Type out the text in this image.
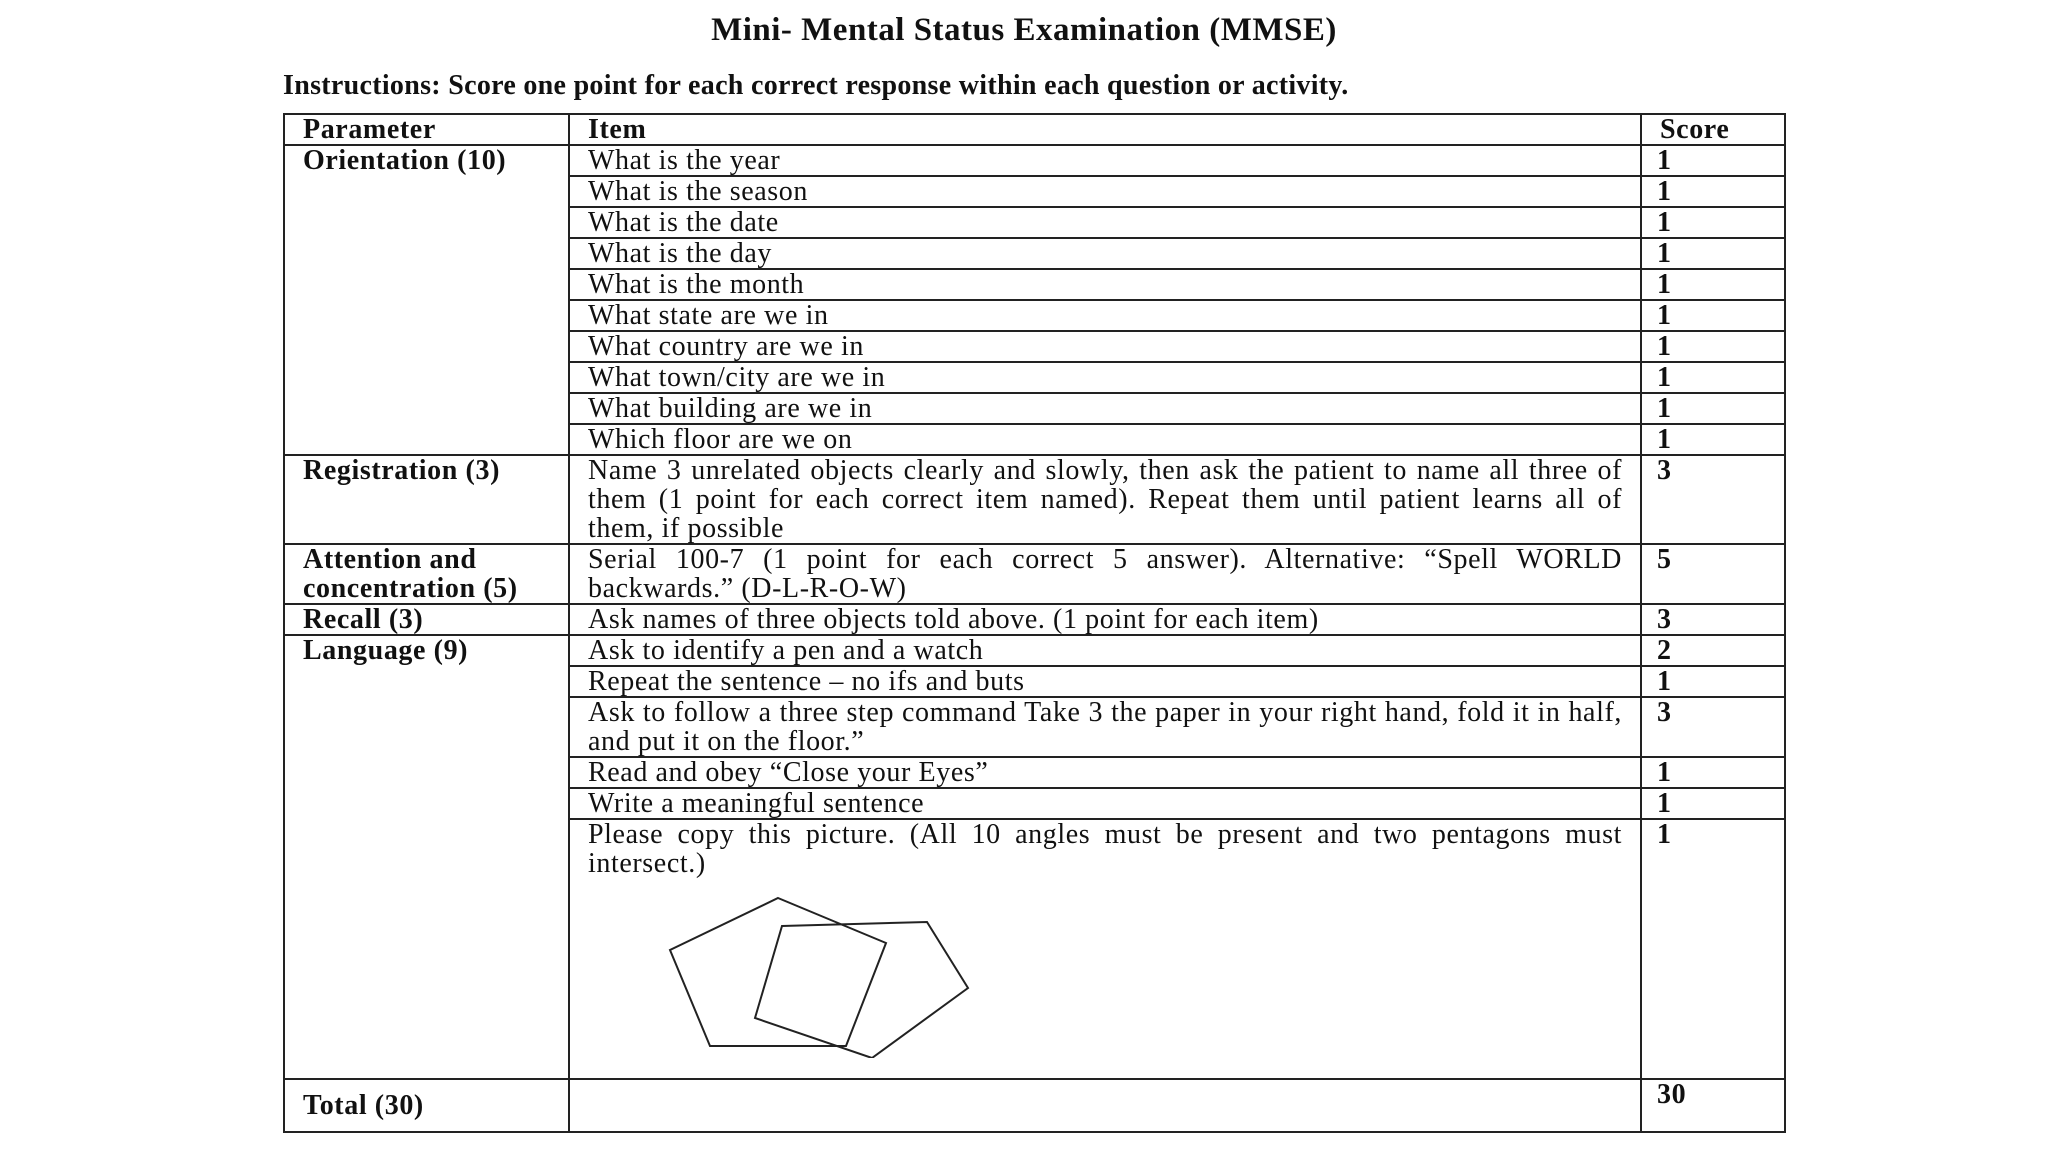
Mini- Mental Status Examination (MMSE)
Instructions: Score one point for each correct response within each question or activity.
Parameter	Item	Score
Orientation (10)	What is the year	1
	What is the season	1
	What is the date	1
	What is the day	1
	What is the month	1
	What state are we in	1
	What country are we in	1
	What town/city are we in	1
	What building are we in	1
	Which floor are we on	1
Registration (3)	Name 3 unrelated objects clearly and slowly, then ask the patient to name all three of them (1 point for each correct item named). Repeat them until patient learns all of them, if possible	3
Attention and concentration (5)	Serial 100-7 (1 point for each correct 5 answer). Alternative: “Spell WORLD backwards.” (D-L-R-O-W)	5
Recall (3)	Ask names of three objects told above. (1 point for each item)	3
Language (9)	Ask to identify a pen and a watch	2
	Repeat the sentence – no ifs and buts	1
	Ask to follow a three step command Take 3 the paper in your right hand, fold it in half, and put it on the floor.”	3
	Read and obey “Close your Eyes”	1
	Write a meaningful sentence	1

	Please copy this picture. (All 10 angles must be present and two pentagons must intersect.)	1
Total (30)		30
